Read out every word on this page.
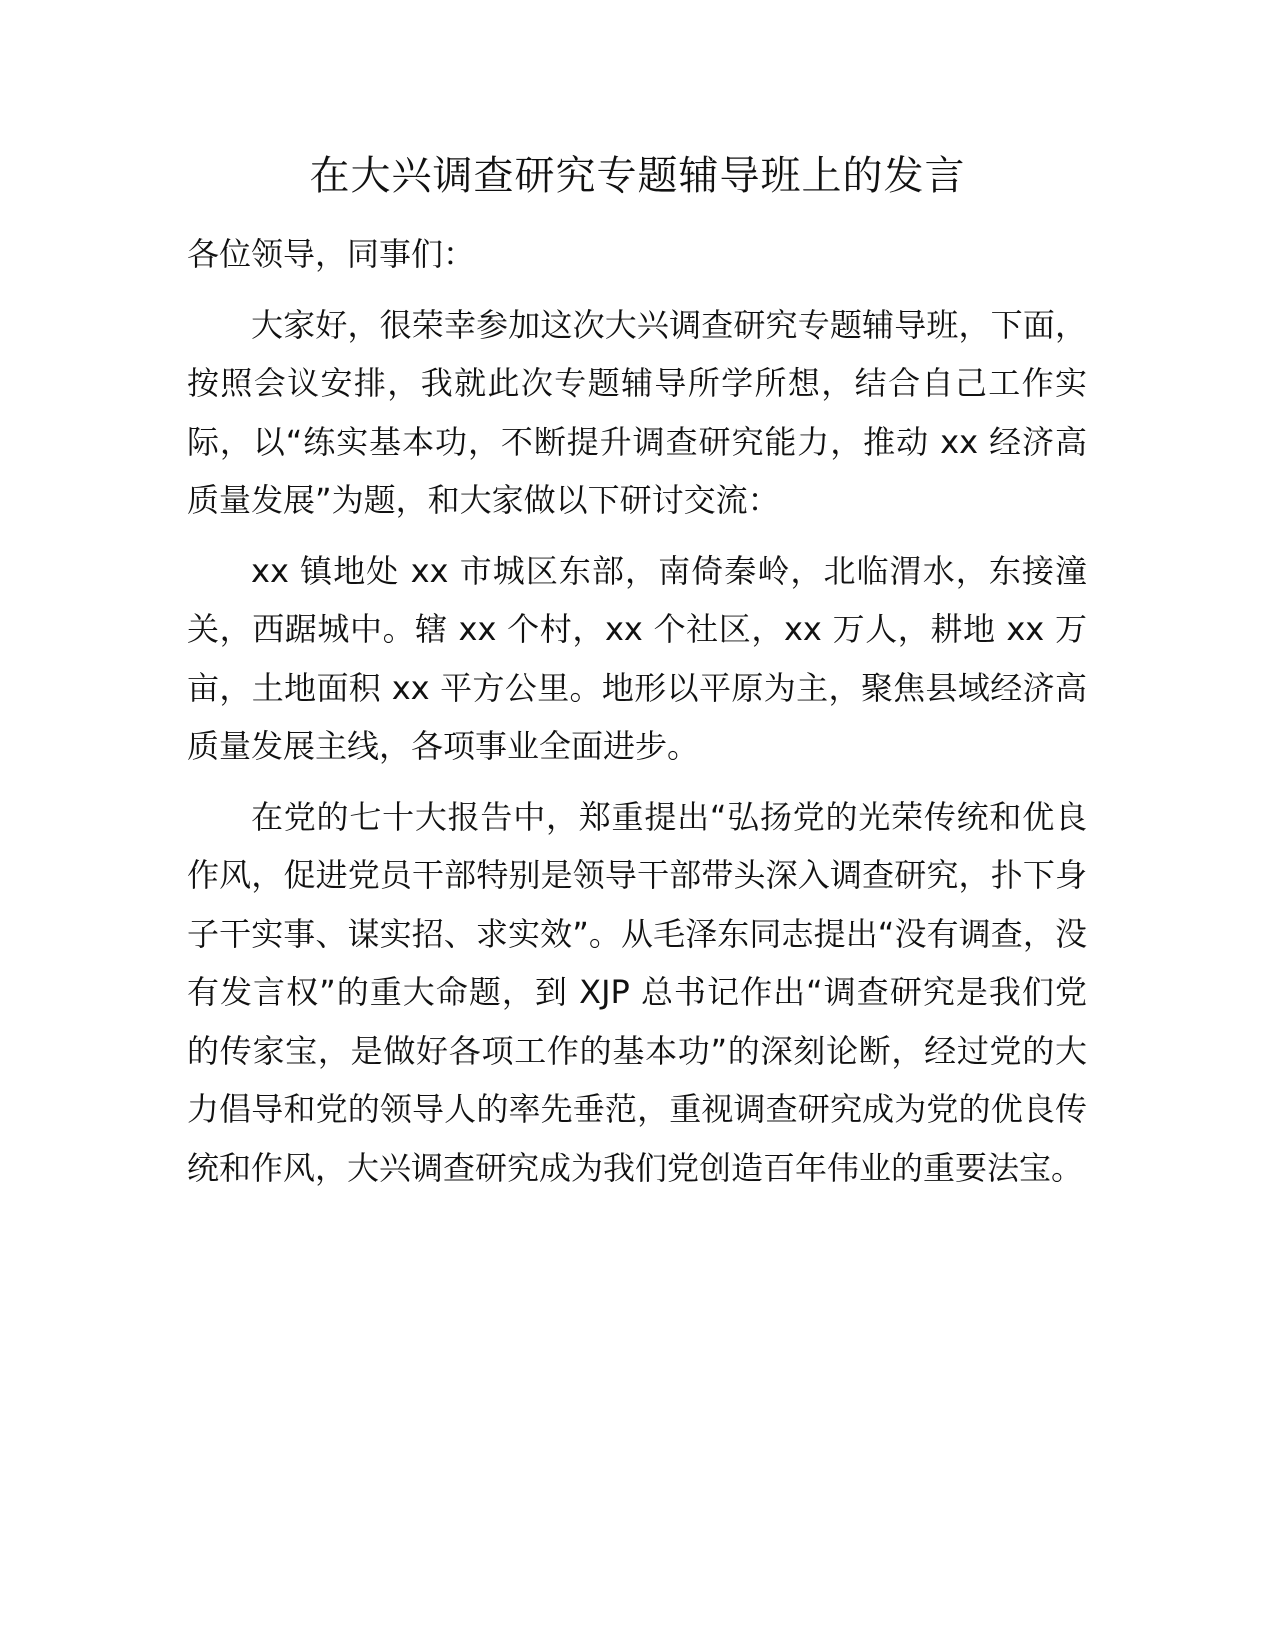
在大兴调查研究专题辅导班上的发言

各位领导，同事们：

大家好，很荣幸参加这次大兴调查研究专题辅导班，下面，按照会议安排，我就此次专题辅导所学所想，结合自己工作实际，以“练实基本功，不断提升调查研究能力，推动 xx 经济高质量发展”为题，和大家做以下研讨交流：

xx 镇地处 xx 市城区东部，南倚秦岭，北临渭水，东接潼关，西踞城中。辖 xx 个村，xx 个社区，xx 万人，耕地 xx 万亩，土地面积 xx 平方公里。地形以平原为主，聚焦县域经济高质量发展主线，各项事业全面进步。

在党的七十大报告中，郑重提出“弘扬党的光荣传统和优良作风，促进党员干部特别是领导干部带头深入调查研究，扑下身子干实事、谋实招、求实效”。从毛泽东同志提出“没有调查，没有发言权”的重大命题，到 XJP 总书记作出“调查研究是我们党的传家宝，是做好各项工作的基本功”的深刻论断，经过党的大力倡导和党的领导人的率先垂范，重视调查研究成为党的优良传统和作风，大兴调查研究成为我们党创造百年伟业的重要法宝。
